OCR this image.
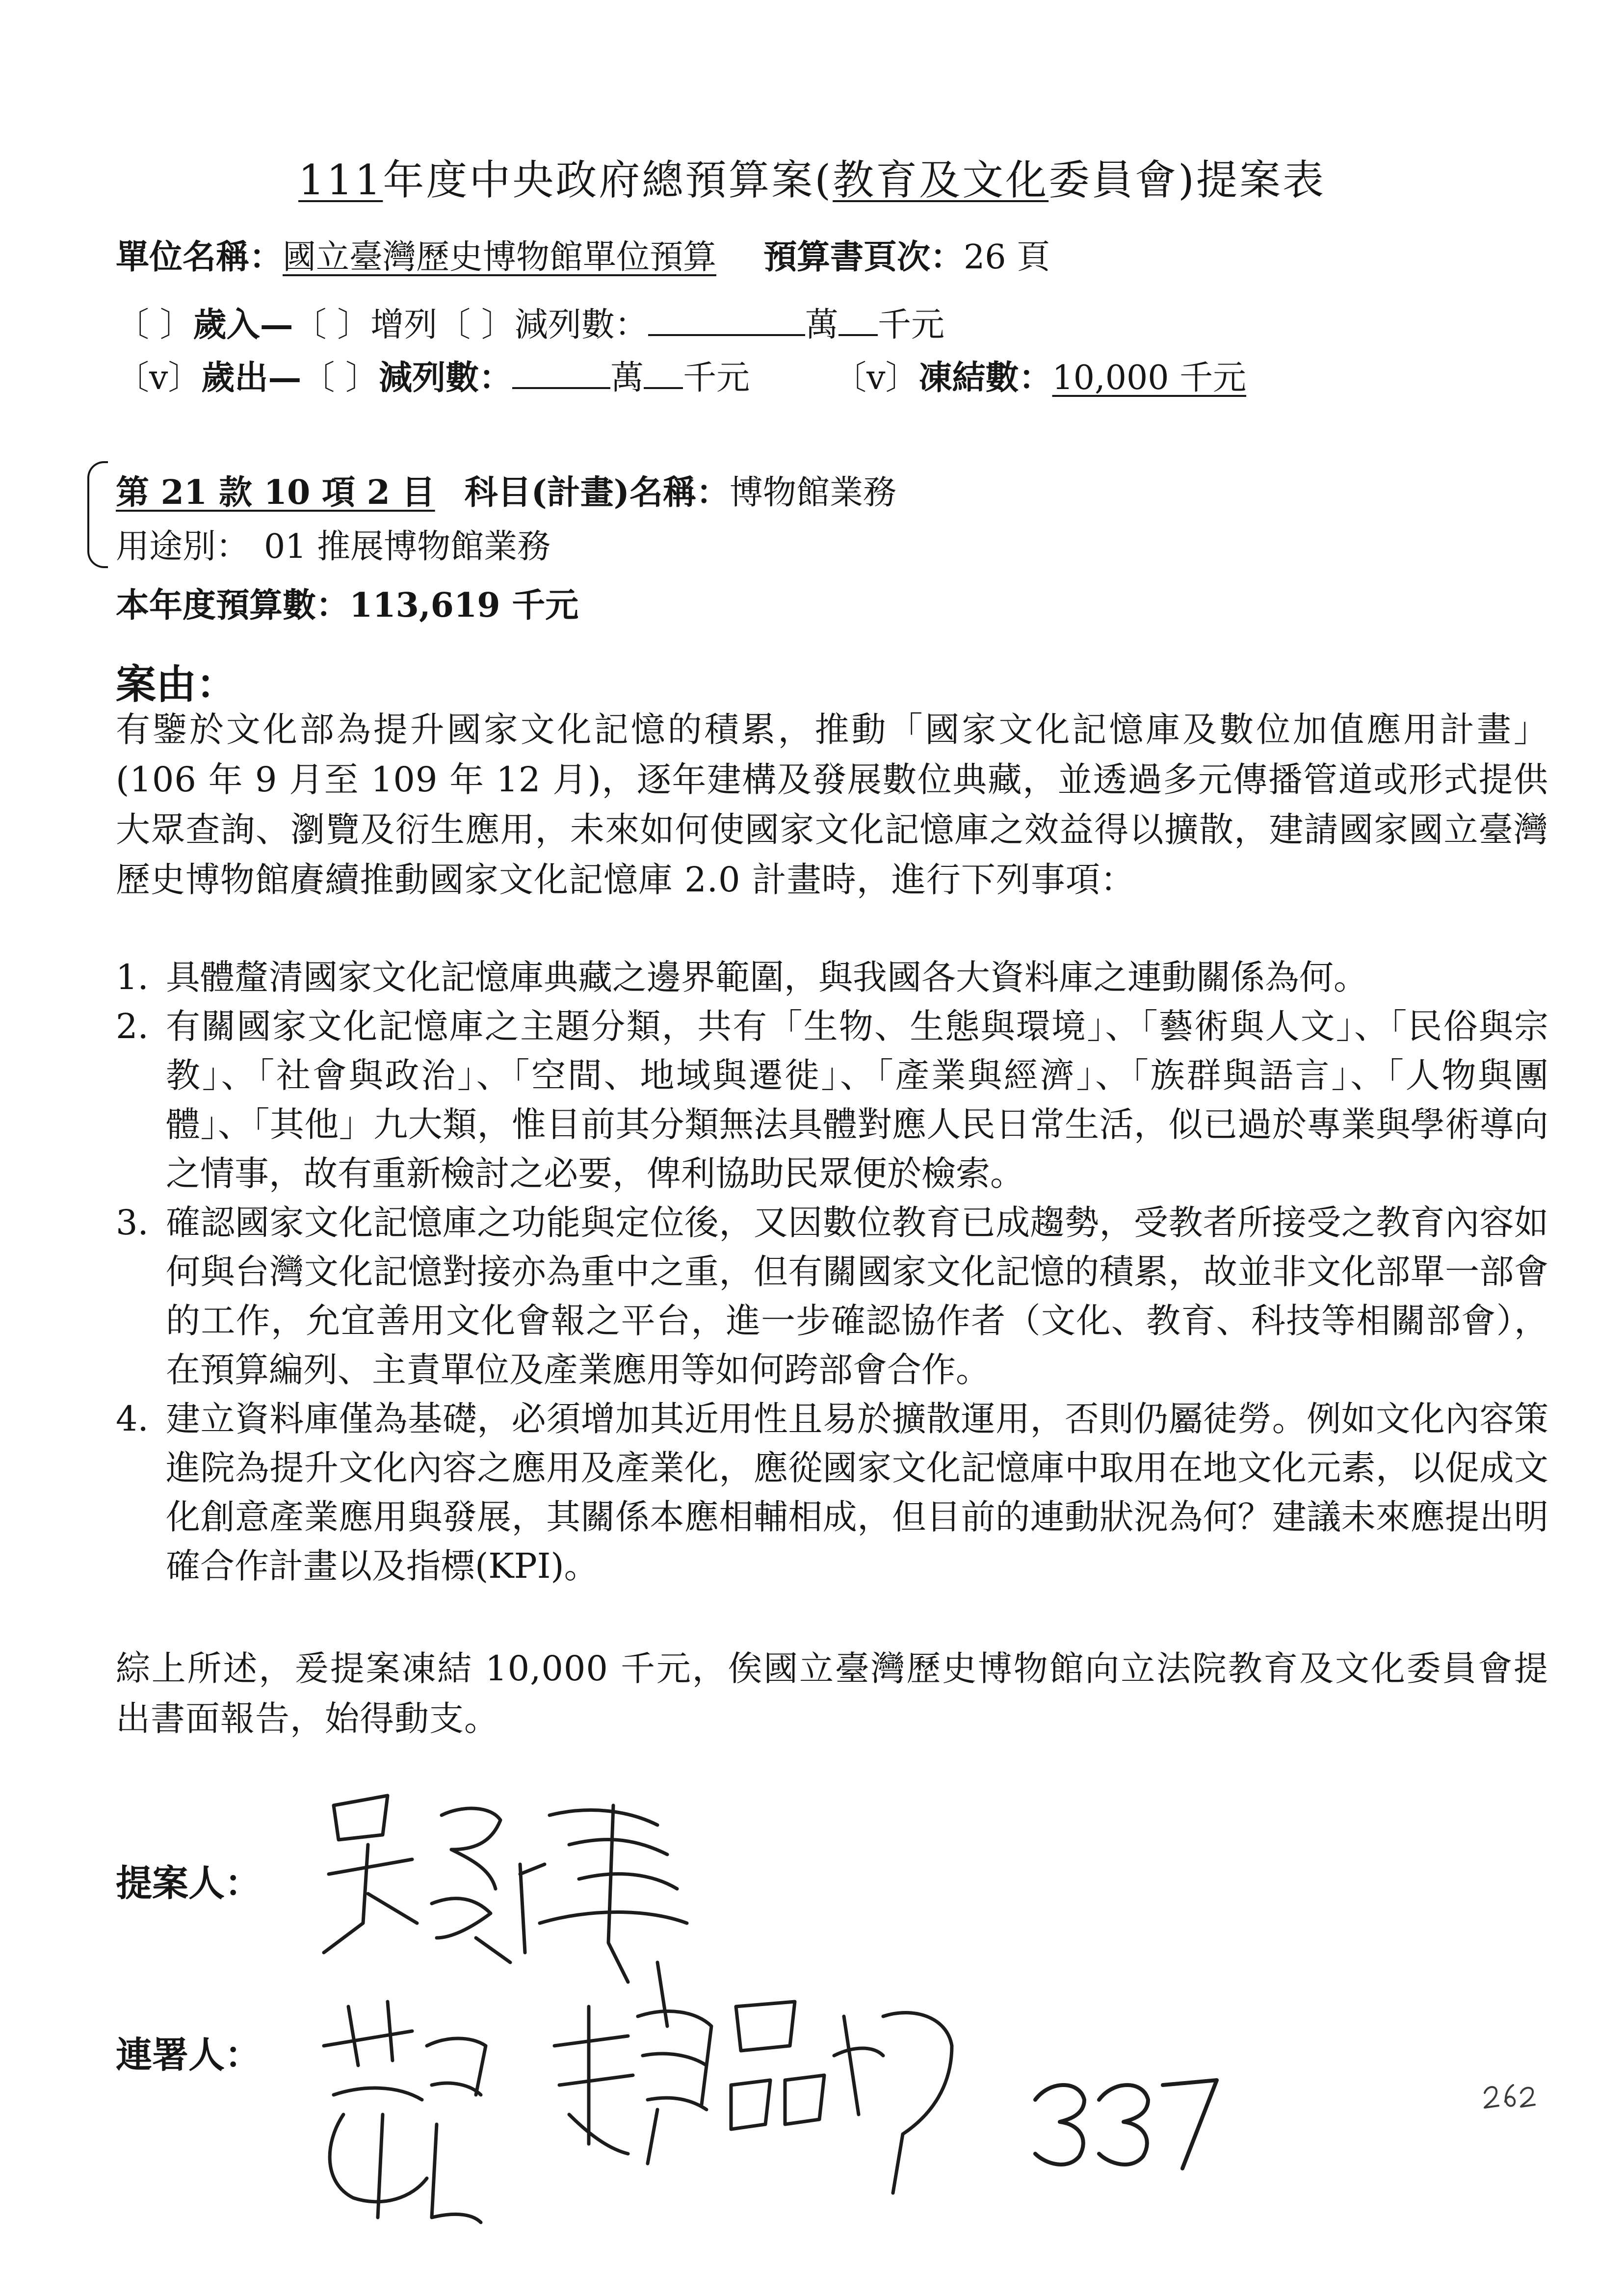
111年度中央政府總預算案(教育及文化委員會)提案表
單位名稱：國立臺灣歷史博物館單位預算 預算書頁次：26 頁
〔 〕歲入—〔 〕增列〔 〕減列數：	萬 千元
〔v〕歲出—〔 〕減列數：	萬 千元	〔v〕凍結數：10,000 千元
第 21 款 10 項 2 目 科目(計畫)名稱：博物館業務
用途別： 01 推展博物館業務
本年度預算數：113,619 千元
案由：
有鑒於文化部為提升國家文化記憶的積累，推動「國家文化記憶庫及數位加值應用計畫」(106 年 9 月至 109 年 12 月)，逐年建構及發展數位典藏，並透過多元傳播管道或形式提供大眾查詢、瀏覽及衍生應用，未來如何使國家文化記憶庫之效益得以擴散，建請國家國立臺灣歷史博物館賡續推動國家文化記憶庫 2.0 計畫時，進行下列事項：
1. 具體釐清國家文化記憶庫典藏之邊界範圍，與我國各大資料庫之連動關係為何。
2. 有關國家文化記憶庫之主題分類，共有「生物、生態與環境」、「藝術與人文」、「民俗與宗教」、「社會與政治」、「空間、地域與遷徙」、「產業與經濟」、「族群與語言」、「人物與團體」、「其他」九大類，惟目前其分類無法具體對應人民日常生活，似已過於專業與學術導向之情事，故有重新檢討之必要，俾利協助民眾便於檢索。
3. 確認國家文化記憶庫之功能與定位後，又因數位教育已成趨勢，受教者所接受之教育內容如何與台灣文化記憶對接亦為重中之重，但有關國家文化記憶的積累，故並非文化部單一部會的工作，允宜善用文化會報之平台，進一步確認協作者（文化、教育、科技等相關部會），在預算編列、主責單位及產業應用等如何跨部會合作。
4. 建立資料庫僅為基礎，必須增加其近用性且易於擴散運用，否則仍屬徒勞。例如文化內容策進院為提升文化內容之應用及產業化，應從國家文化記憶庫中取用在地文化元素，以促成文化創意產業應用與發展，其關係本應相輔相成，但目前的連動狀況為何？建議未來應提出明確合作計畫以及指標(KPI)。
綜上所述，爰提案凍結 10,000 千元，俟國立臺灣歷史博物館向立法院教育及文化委員會提出書面報告，始得動支。
提案人：
連署人：
